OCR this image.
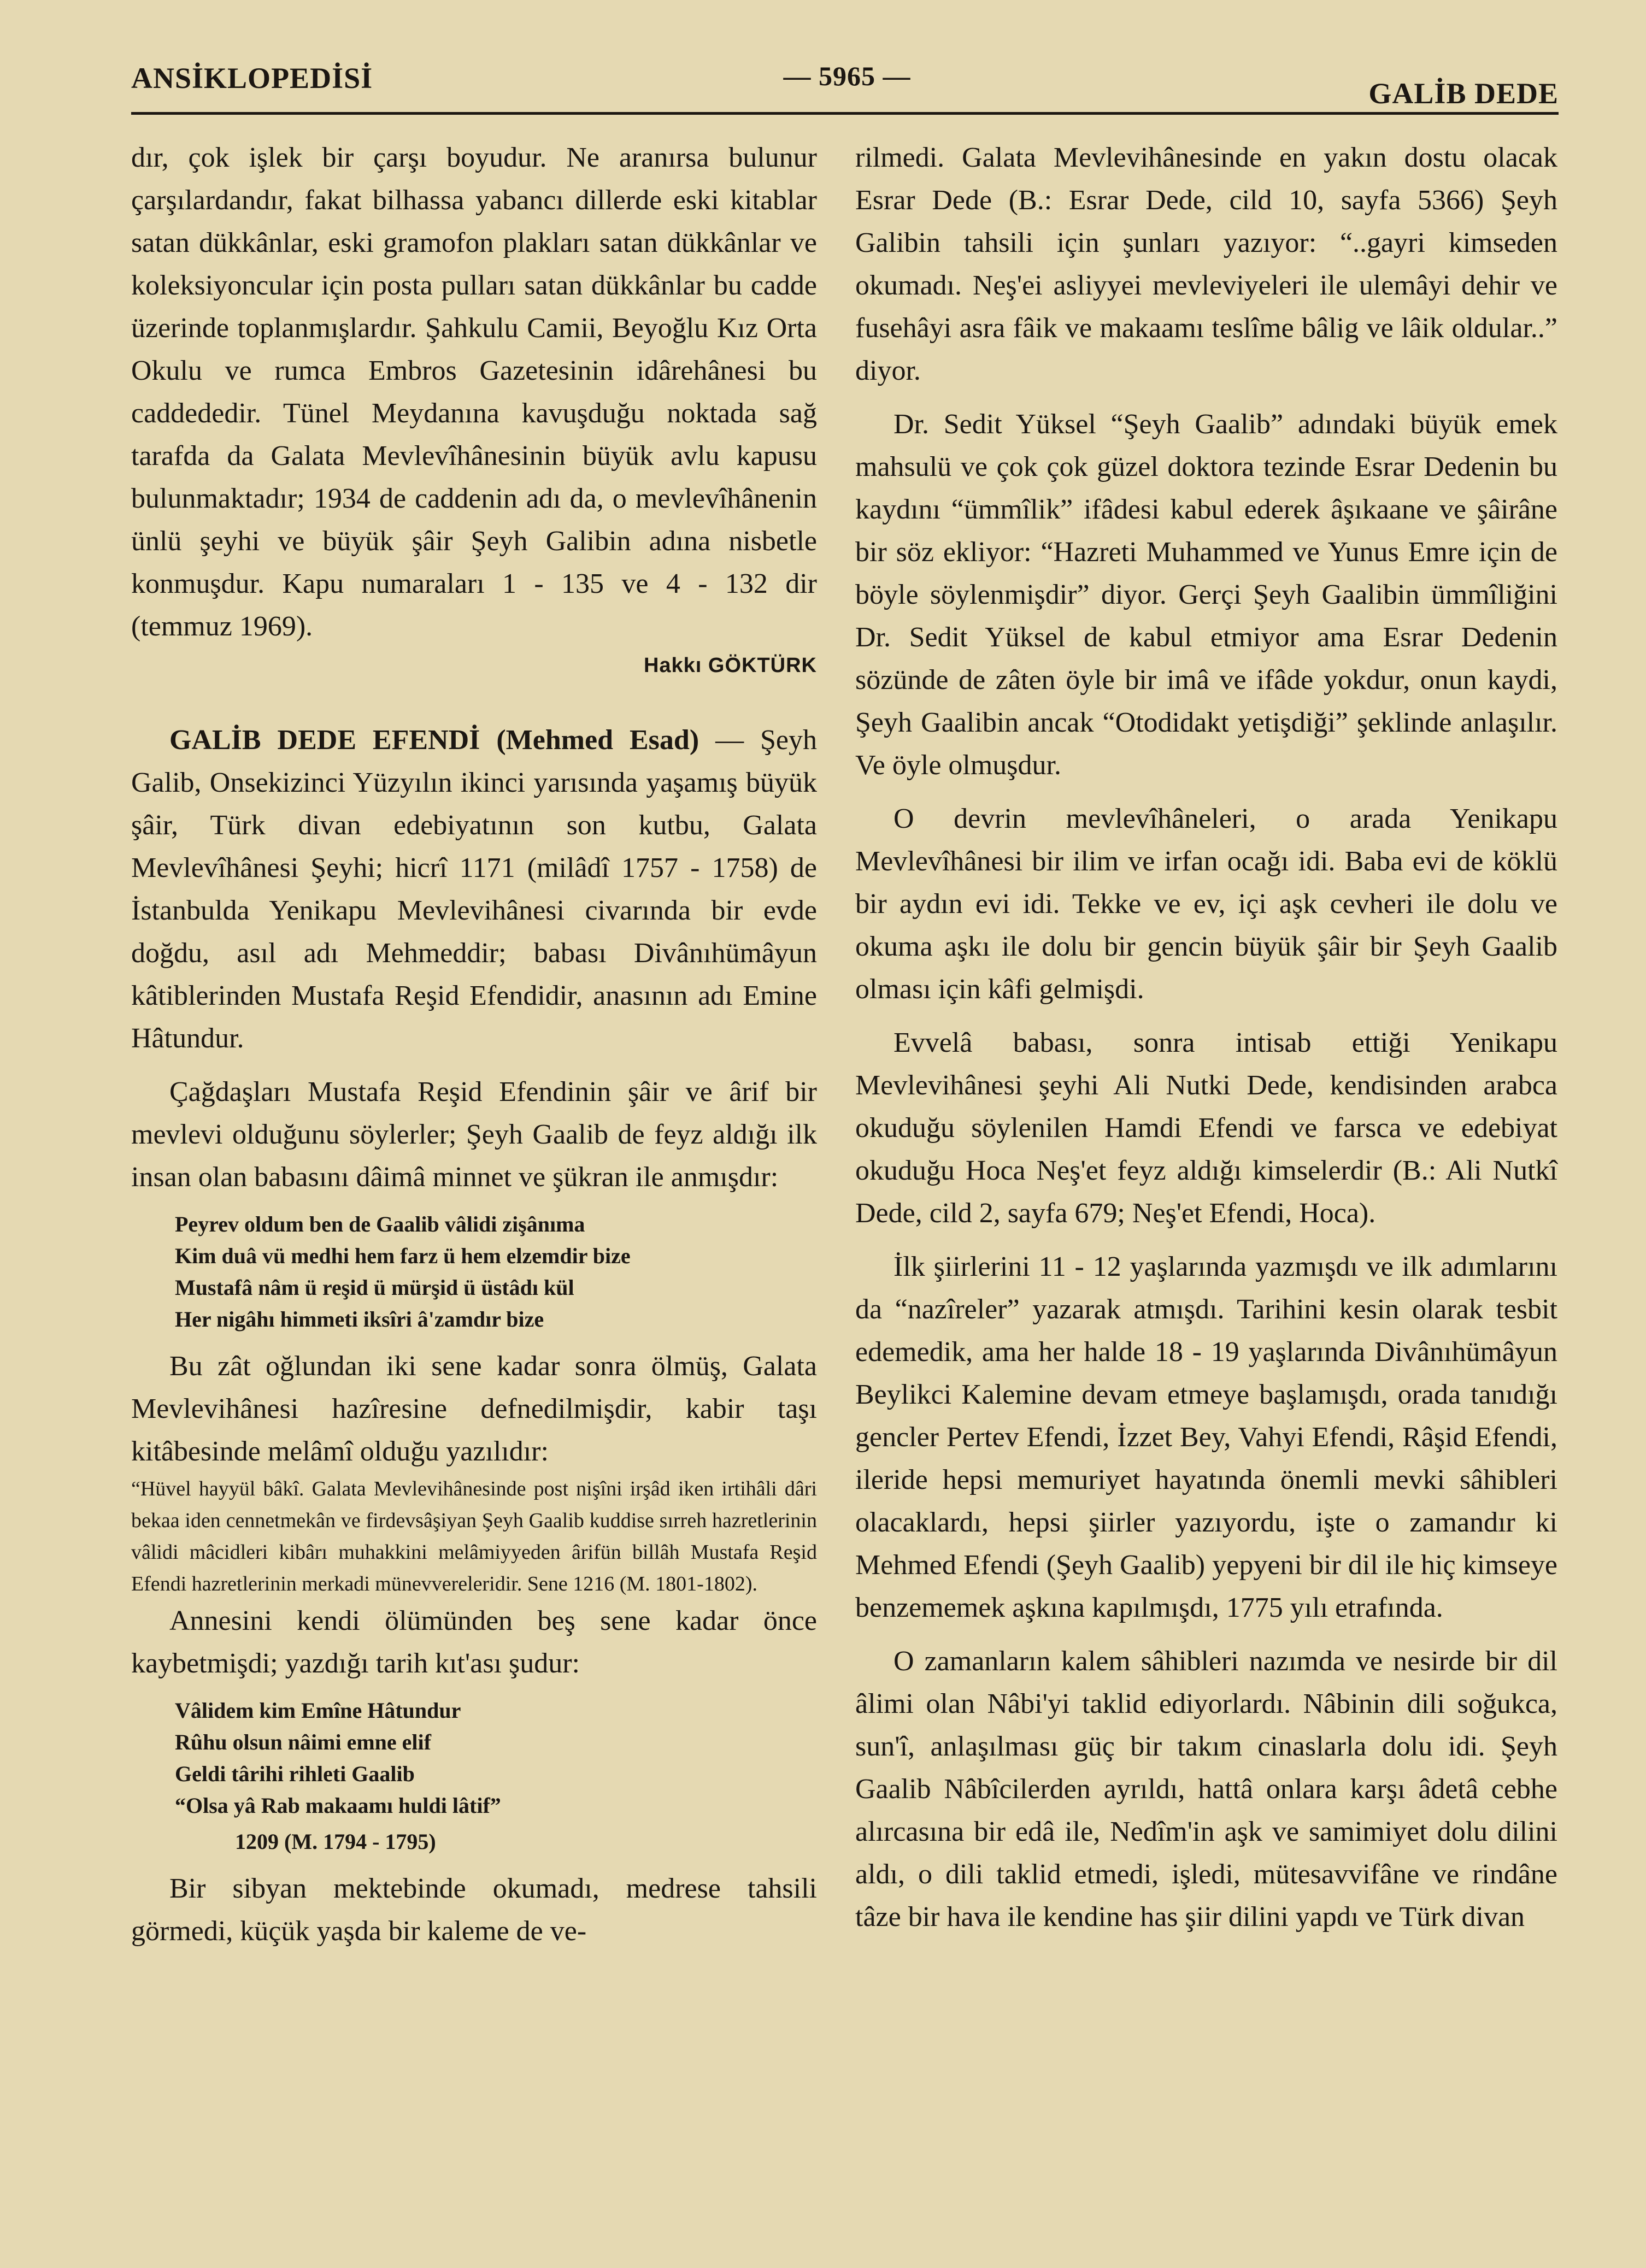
ANSİKLOPEDİSİ	— 5965 —
GALİB DEDE

dır, çok işlek bir çarşı boyudur. Ne aranırsa bulunur çarşılardandır, fakat bilhassa yabancı dillerde eski kitablar satan dükkânlar, eski gramofon plakları satan dükkânlar ve koleksiyoncular için posta pulları satan dükkânlar bu cadde üzerinde toplanmışlardır. Şahkulu Camii, Beyoğlu Kız Orta Okulu ve rumca Embros Gazetesinin idârehânesi bu caddededir. Tünel Meydanına kavuşduğu noktada sağ tarafda da Galata Mevlevîhânesinin büyük avlu kapusu bulunmaktadır; 1934 de caddenin adı da, o mevlevîhânenin ünlü şeyhi ve büyük şâir Şeyh Galibin adına nisbetle konmuşdur. Kapu numaraları 1 - 135 ve 4 - 132 dir (temmuz 1969).

Hakkı GÖKTÜRK

GALİB DEDE EFENDİ (Mehmed Esad) — Şeyh Galib, Onsekizinci Yüzyılın ikinci yarısında yaşamış büyük şâir, Türk divan edebiyatının son kutbu, Galata Mevlevîhânesi Şeyhi; hicrî 1171 (milâdî 1757 - 1758) de İstanbulda Yenikapu Mevlevihânesi civarında bir evde doğdu, asıl adı Mehmeddir; babası Divânıhümâyun kâtiblerinden Mustafa Reşid Efendidir, anasının adı Emine Hâtundur.

Çağdaşları Mustafa Reşid Efendinin şâir ve ârif bir mevlevi olduğunu söylerler; Şeyh Gaalib de feyz aldığı ilk insan olan babasını dâimâ minnet ve şükran ile anmışdır:

Peyrev oldum ben de Gaalib vâlidi zişânıma
Kim duâ vü medhi hem farz ü hem elzemdir bize
Mustafâ nâm ü reşid ü mürşid ü üstâdı kül
Her nigâhı himmeti iksîri â'zamdır bize

Bu zât oğlundan iki sene kadar sonra ölmüş, Galata Mevlevihânesi hazîresine defnedilmişdir, kabir taşı kitâbesinde melâmî olduğu yazılıdır:

“Hüvel hayyül bâkî. Galata Mevlevihânesinde post nişîni irşâd iken irtihâli dâri bekaa iden cennetmekân ve firdevsâşiyan Şeyh Gaalib kuddise sırreh hazretlerinin vâlidi mâcidleri kibârı muhakkini melâmiyyeden ârifün billâh Mustafa Reşid Efendi hazretlerinin merkadi münevvereleridir. Sene 1216 (M. 1801-1802).

Annesini kendi ölümünden beş sene kadar önce kaybetmişdi; yazdığı tarih kıt'ası şudur:

Vâlidem kim Emîne Hâtundur
Rûhu olsun nâimi emne elif
Geldi târihi rihleti Gaalib
“Olsa yâ Rab makaamı huldi lâtif”
1209 (M. 1794 - 1795)

Bir sibyan mektebinde okumadı, medrese tahsili görmedi, küçük yaşda bir kaleme de ve-

rilmedi. Galata Mevlevihânesinde en yakın dostu olacak Esrar Dede (B.: Esrar Dede, cild 10, sayfa 5366) Şeyh Galibin tahsili için şunları yazıyor: “..gayri kimseden okumadı. Neş'ei asliyyei mevleviyeleri ile ulemâyi dehir ve fusehâyi asra fâik ve makaamı teslîme bâlig ve lâik oldular..” diyor.

Dr. Sedit Yüksel “Şeyh Gaalib” adındaki büyük emek mahsulü ve çok çok güzel doktora tezinde Esrar Dedenin bu kaydını “ümmîlik” ifâdesi kabul ederek âşıkaane ve şâirâne bir söz ekliyor: “Hazreti Muhammed ve Yunus Emre için de böyle söylenmişdir” diyor. Gerçi Şeyh Gaalibin ümmîliğini Dr. Sedit Yüksel de kabul etmiyor ama Esrar Dedenin sözünde de zâten öyle bir imâ ve ifâde yokdur, onun kaydi, Şeyh Gaalibin ancak “Otodidakt yetişdiği” şeklinde anlaşılır. Ve öyle olmuşdur.

O devrin mevlevîhâneleri, o arada Yenikapu Mevlevîhânesi bir ilim ve irfan ocağı idi. Baba evi de köklü bir aydın evi idi. Tekke ve ev, içi aşk cevheri ile dolu ve okuma aşkı ile dolu bir gencin büyük şâir bir Şeyh Gaalib olması için kâfi gelmişdi.

Evvelâ babası, sonra intisab ettiği Yenikapu Mevlevihânesi şeyhi Ali Nutki Dede, kendisinden arabca okuduğu söylenilen Hamdi Efendi ve farsca ve edebiyat okuduğu Hoca Neş'et feyz aldığı kimselerdir (B.: Ali Nutkî Dede, cild 2, sayfa 679; Neş'et Efendi, Hoca).

İlk şiirlerini 11 - 12 yaşlarında yazmışdı ve ilk adımlarını da “nazîreler” yazarak atmışdı. Tarihini kesin olarak tesbit edemedik, ama her halde 18 - 19 yaşlarında Divânıhümâyun Beylikci Kalemine devam etmeye başlamışdı, orada tanıdığı gencler Pertev Efendi, İzzet Bey, Vahyi Efendi, Râşid Efendi, ileride hepsi memuriyet hayatında önemli mevki sâhibleri olacaklardı, hepsi şiirler yazıyordu, işte o zamandır ki Mehmed Efendi (Şeyh Gaalib) yepyeni bir dil ile hiç kimseye benzememek aşkına kapılmışdı, 1775 yılı etrafında.

O zamanların kalem sâhibleri nazımda ve nesirde bir dil âlimi olan Nâbi'yi taklid ediyorlardı. Nâbinin dili soğukca, sun'î, anlaşılması güç bir takım cinaslarla dolu idi. Şeyh Gaalib Nâbîcilerden ayrıldı, hattâ onlara karşı âdetâ cebhe alırcasına bir edâ ile, Nedîm'in aşk ve samimiyet dolu dilini aldı, o dili taklid etmedi, işledi, mütesavvifâne ve rindâne tâze bir hava ile kendine has şiir dilini yapdı ve Türk divan
